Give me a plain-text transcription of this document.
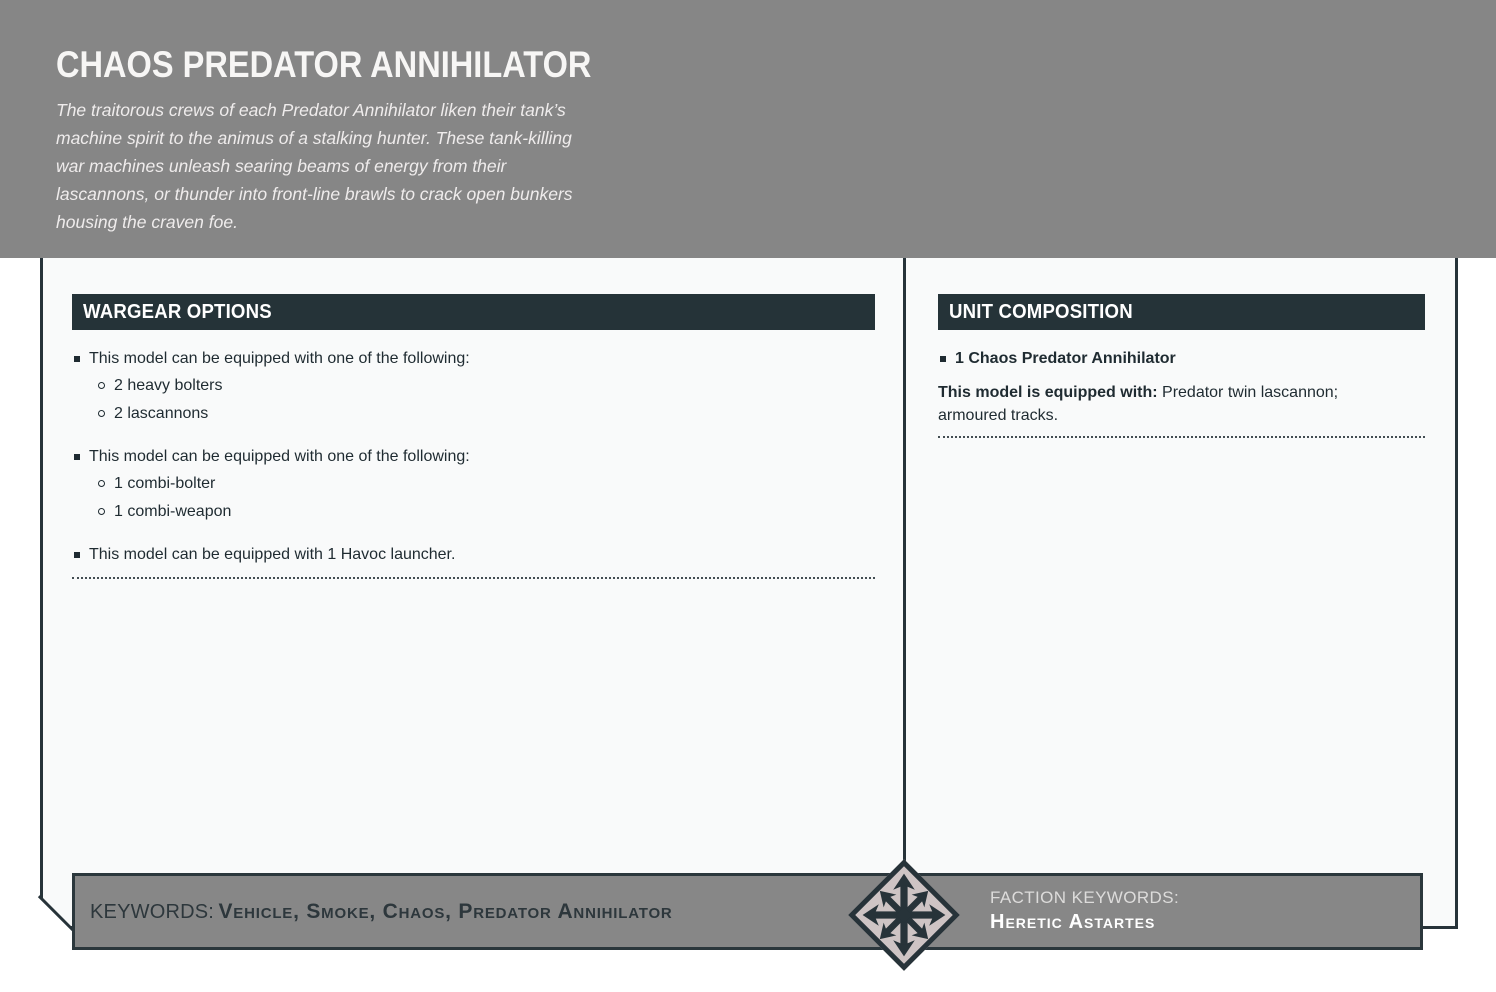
CHAOS PREDATOR ANNIHILATOR

The traitorous crews of each Predator Annihilator liken their tank’s machine spirit to the animus of a stalking hunter. These tank-killing war machines unleash searing beams of energy from their lascannons, or thunder into front-line brawls to crack open bunkers housing the craven foe.

WARGEAR OPTIONS
This model can be equipped with one of the following:
2 heavy bolters
2 lascannons
This model can be equipped with one of the following:
1 combi-bolter
1 combi-weapon
This model can be equipped with 1 Havoc launcher.
UNIT COMPOSITION
1 Chaos Predator Annihilator

This model is equipped with: Predator twin lascannon; armoured tracks.

KEYWORDS: Vehicle, Smoke, Chaos, Predator Annihilator
FACTION KEYWORDS:
Heretic Astartes
